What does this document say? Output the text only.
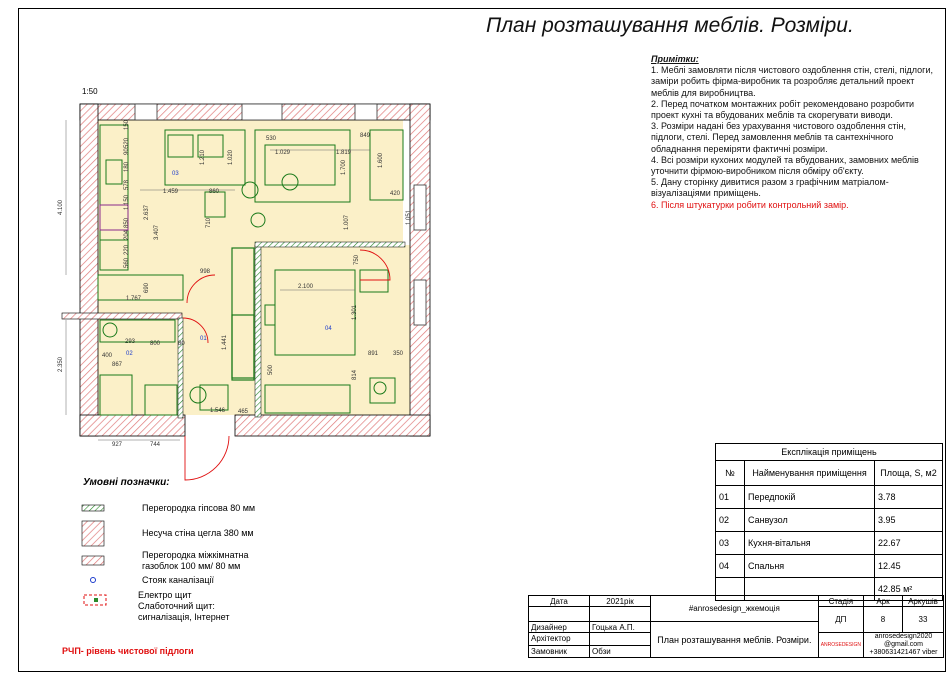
План розташування меблів. Розміри.
1:50
4.100
2.350
927	744
1.459
1.767
1.029	1.819
849
420
2.100
891 350
1.546
400
867
293 800	80
998
1.441
690
3.407
2.637
1.600
1.700
1.020
578
1.301
814
500
520
860
1.210
750
220
180
1.007
530
850
1.150
465
710
90
150
204
1.051
560
03
04
01
02
Примітки:
1. Меблі замовляти після чистового оздоблення стін, стелі, підлоги, заміри робить фірма-виробник та розробляє детальний проект меблів для виробництва.
2. Перед початком монтажних робіт рекомендовано розробити проект кухні та вбудованих меблів та скорегувати виводи.
3. Розміри надані без урахування чистового оздоблення стін, підлоги, стелі. Перед замовлення меблів та сантехнічного обладнання переміряти фактичні розміри.
4. Всі розміри кухоних модулей та вбудованих, замовних меблів уточнити фірмою-виробником після обміру об'єкту.
5. Дану сторінку дивитися разом з графічним матріалом-візуалізаціями приміщень.
6. Після штукатурки робити контрольний замір.
Умовні позначки:
Перегородка гіпсова 80 мм
Несуча стіна цегла 380 мм
Перегородка міжкімнатна газоблок 100 мм/ 80 мм
Стояк каналізації
Електро щит
Слаботочний щит: сигналізація, Інтернет
РЧП- рівень чистової підлоги
Експлікація приміщень		
№	Найменування приміщення	Площа, S, м2
01	Передпокій	3.78
02	Санвузол	3.95
03	Кухня-вітальня	22.67
04	Спальня	12.45
		42.85 м²
Дата	2021рік	#anrosedesign_жкемоція	Стадія	Арк	Аркушів
			ДП	8	33
Дизайнер	Гоцька А.П.	План розташування меблів. Розміри.			
Архітектор			ANROSEDESIGN	anrosedesign2020
@gmail.com
+380631421467 viber	

Замовник	Обзи				
